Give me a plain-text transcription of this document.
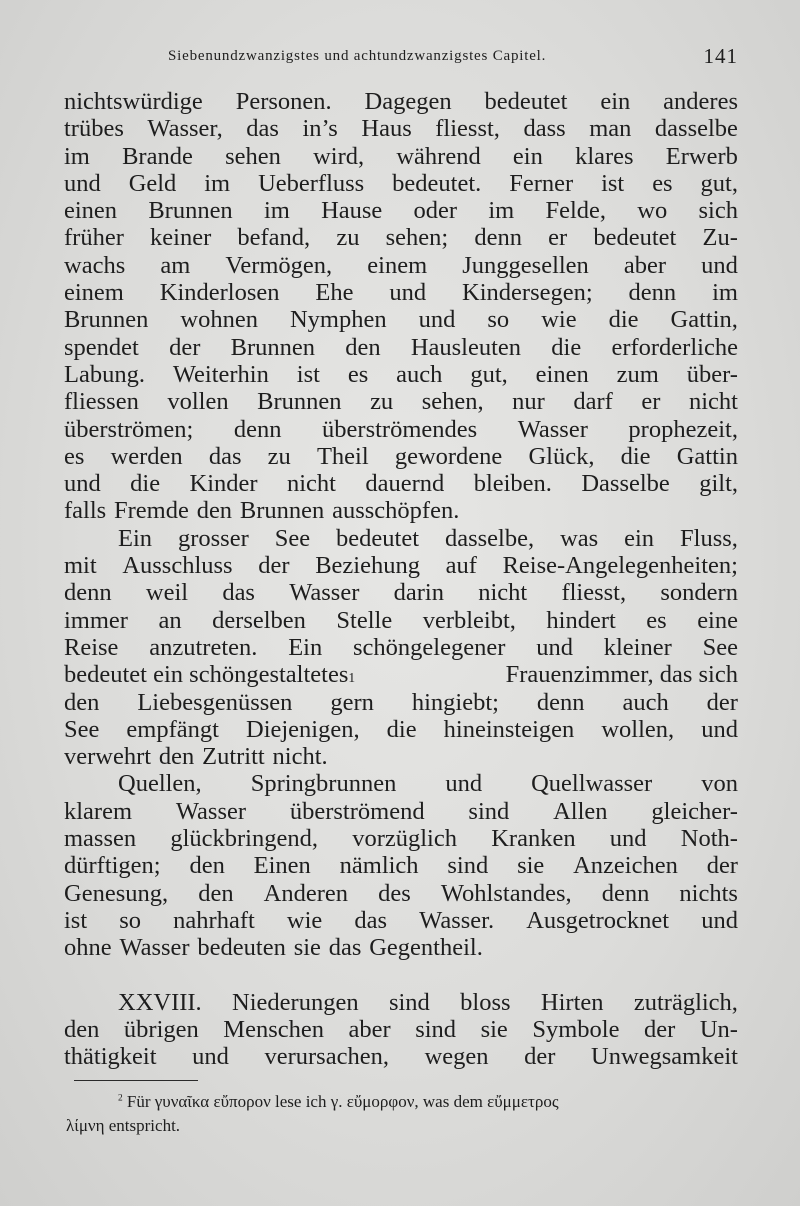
Siebenundzwanzigstes und achtundzwanzigstes Capitel.	141
nichtswürdige Personen. Dagegen bedeutet ein anderes
trübes Wasser, das in’s Haus fliesst, dass man dasselbe
im Brande sehen wird, während ein klares Erwerb
und Geld im Ueberfluss bedeutet. Ferner ist es gut,
einen Brunnen im Hause oder im Felde, wo sich
früher keiner befand, zu sehen; denn er bedeutet Zu-
wachs am Vermögen, einem Junggesellen aber und
einem Kinderlosen Ehe und Kindersegen; denn im
Brunnen wohnen Nymphen und so wie die Gattin,
spendet der Brunnen den Hausleuten die erforderliche
Labung. Weiterhin ist es auch gut, einen zum über-
fliessen vollen Brunnen zu sehen, nur darf er nicht
überströmen; denn überströmendes Wasser prophezeit,
es werden das zu Theil gewordene Glück, die Gattin
und die Kinder nicht dauernd bleiben. Dasselbe gilt,
falls Fremde den Brunnen ausschöpfen.
Ein grosser See bedeutet dasselbe, was ein Fluss,
mit Ausschluss der Beziehung auf Reise-Angelegenheiten;
denn weil das Wasser darin nicht fliesst, sondern
immer an derselben Stelle verbleibt, hindert es eine
Reise anzutreten. Ein schöngelegener und kleiner See
bedeutet ein schöngestaltetes 1	Frauenzimmer, das sich
den Liebesgenüssen gern hingiebt; denn auch der
See empfängt Diejenigen, die hineinsteigen wollen, und
verwehrt den Zutritt nicht.
Quellen, Springbrunnen und Quellwasser von
klarem Wasser überströmend sind Allen gleicher-
massen glückbringend, vorzüglich Kranken und Noth-
dürftigen; den Einen nämlich sind sie Anzeichen der
Genesung, den Anderen des Wohlstandes, denn nichts
ist so nahrhaft wie das Wasser. Ausgetrocknet und
ohne Wasser bedeuten sie das Gegentheil.
XXVIII. Niederungen sind bloss Hirten zuträglich,
den übrigen Menschen aber sind sie Symbole der Un-
thätigkeit und verursachen, wegen der Unwegsamkeit
$^2$ Für γυναῖκα εὔπορον lese ich γ. εὔμορφον, was dem εὔμμετρος
λίμνη entspricht.
